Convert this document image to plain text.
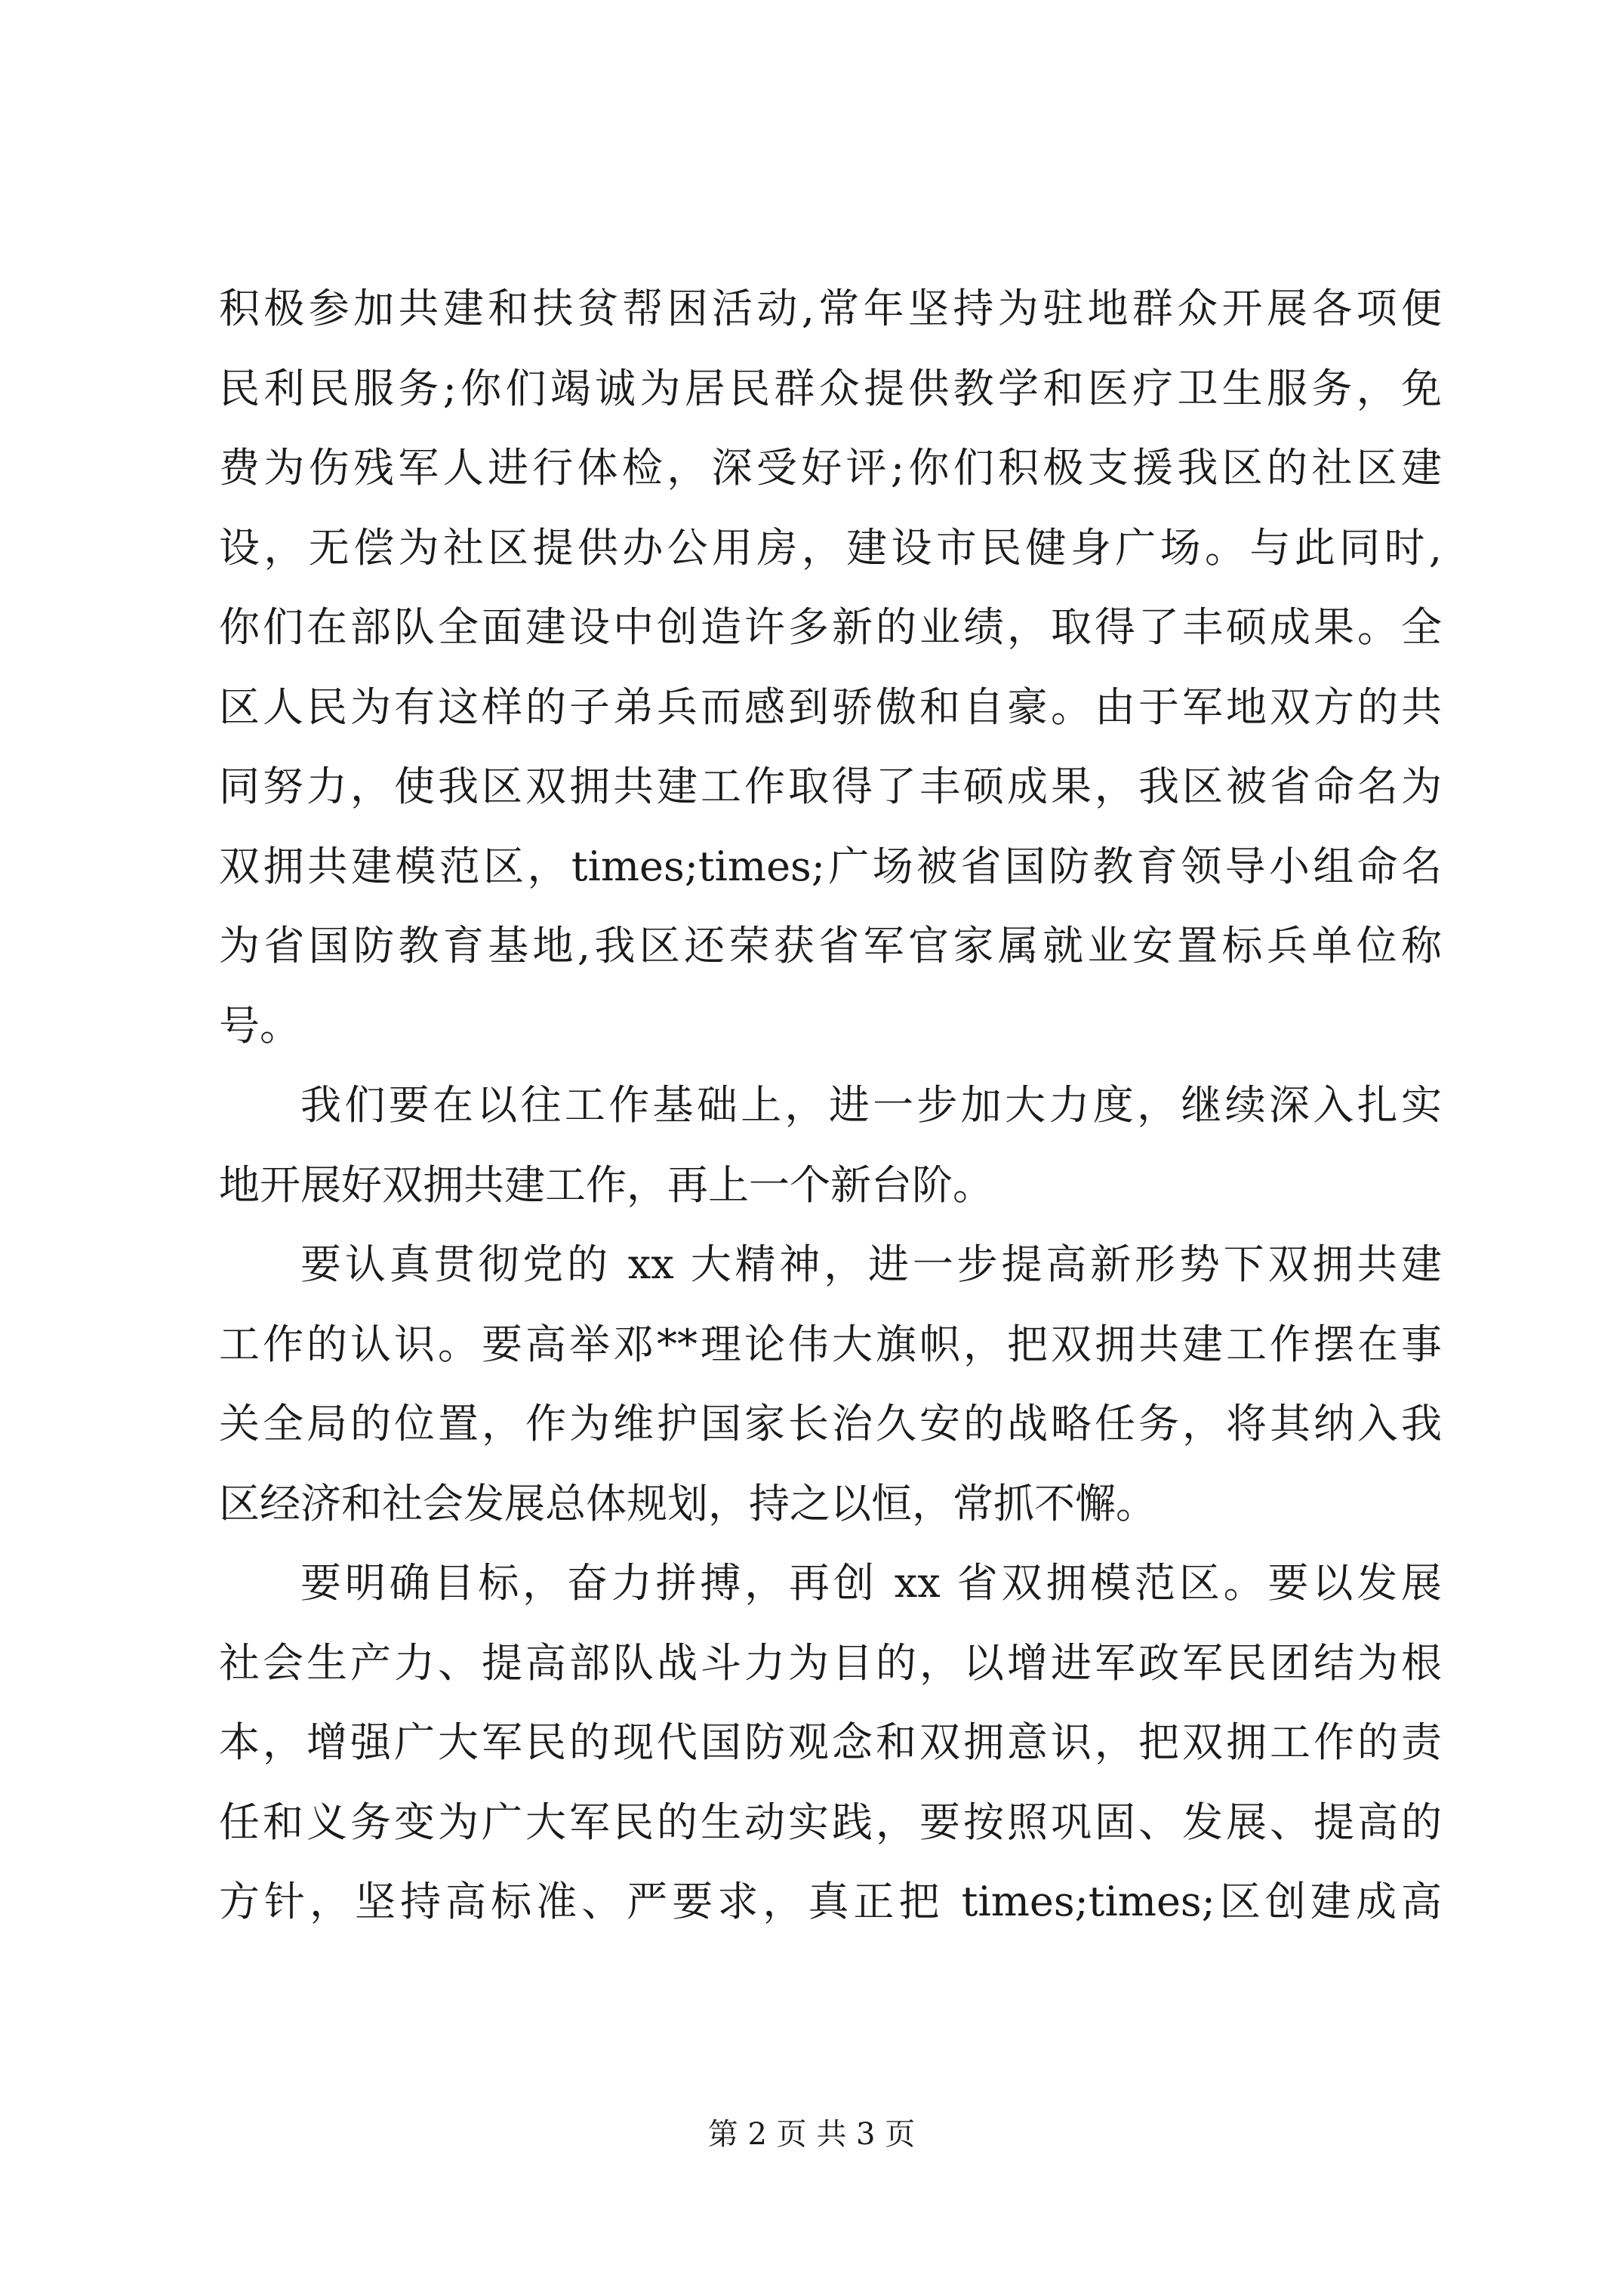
积极参加共建和扶贫帮困活动,常年坚持为驻地群众开展各项便
民利民服务;你们竭诚为居民群众提供教学和医疗卫生服务，免
费为伤残军人进行体检，深受好评;你们积极支援我区的社区建
设，无偿为社区提供办公用房，建设市民健身广场。与此同时,
你们在部队全面建设中创造许多新的业绩，取得了丰硕成果。全
区人民为有这样的子弟兵而感到骄傲和自豪。由于军地双方的共
同努力，使我区双拥共建工作取得了丰硕成果，我区被省命名为
双拥共建模范区，times;times;广场被省国防教育领导小组命名
为省国防教育基地,我区还荣获省军官家属就业安置标兵单位称
号。

我们要在以往工作基础上，进一步加大力度，继续深入扎实
地开展好双拥共建工作，再上一个新台阶。

要认真贯彻党的 xx 大精神，进一步提高新形势下双拥共建
工作的认识。要高举邓**理论伟大旗帜，把双拥共建工作摆在事
关全局的位置，作为维护国家长治久安的战略任务，将其纳入我
区经济和社会发展总体规划，持之以恒，常抓不懈。

要明确目标，奋力拼搏，再创 xx 省双拥模范区。要以发展
社会生产力、提高部队战斗力为目的，以增进军政军民团结为根
本，增强广大军民的现代国防观念和双拥意识，把双拥工作的责
任和义务变为广大军民的生动实践，要按照巩固、发展、提高的
方针，坚持高标准、严要求，真正把 times;times;区创建成高

第 2 页 共 3 页
